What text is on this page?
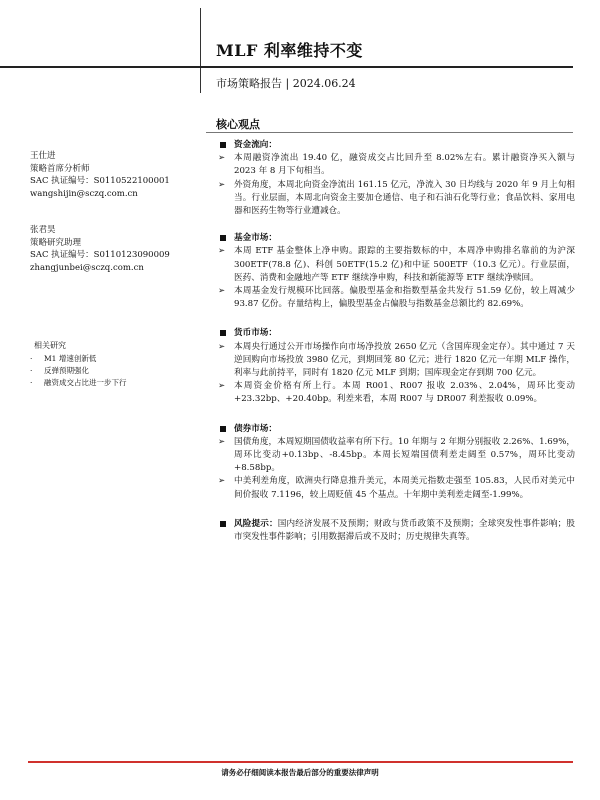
MLF 利率维持不变
市场策略报告 | 2024.06.24
核心观点
王仕进
策略首席分析师
SAC 执证编号：S0110522100001
wangshijin@sczq.com.cn
张君昊
策略研究助理
SAC 执证编号：S0110123090009
zhangjunbei@sczq.com.cn
相关研究
· M1 增速创新低
· 反弹预期强化
· 融资成交占比进一步下行
资金流向：
➢ 本周融资净流出 19.40 亿，融资成交占比回升至 8.02%左右。累计融资净买入额与 2023 年 8 月下旬相当。

➢ 外资角度，本周北向资金净流出 161.15 亿元，净流入 30 日均线与 2020 年 9 月上旬相当。行业层面，本周北向资金主要加仓通信、电子和石油石化等行业；食品饮料、家用电器和医药生物等行业遭减仓。

基金市场：
➢ 本周 ETF 基金整体上净申购。跟踪的主要指数标的中，本周净申购排名靠前的为沪深 300ETF(78.8 亿)、科创 50ETF(15.2 亿)和中证 500ETF（10.3 亿元）。行业层面，医药、消费和金融地产等 ETF 继续净申购，科技和新能源等 ETF 继续净赎回。

➢ 本周基金发行规模环比回落。偏股型基金和指数型基金共发行 51.59 亿份，较上周减少 93.87 亿份。存量结构上，偏股型基金占偏股与指数基金总额比约 82.69%。

货币市场：
➢ 本周央行通过公开市场操作向市场净投放 2650 亿元（含国库现金定存）。其中通过 7 天逆回购向市场投放 3980 亿元，到期回笼 80 亿元；进行 1820 亿元一年期 MLF 操作，利率与此前持平，同时有 1820 亿元 MLF 到期；国库现金定存到期 700 亿元。

➢ 本周资金价格有所上行。本周 R001、R007 报收 2.03%、2.04%，周环比变动+23.32bp、+20.40bp。利差来看，本周 R007 与 DR007 利差报收 0.09%。

债券市场：
➢ 国债角度，本周短期国债收益率有所下行。10 年期与 2 年期分别报收 2.26%、1.69%，周环比变动+0.13bp、-8.45bp。本周长短端国债利差走阔至 0.57%，周环比变动+8.58bp。

➢ 中美利差角度，欧洲央行降息推升美元，本周美元指数走强至 105.83，人民币对美元中间价报收 7.1196，较上周贬值 45 个基点。十年期中美利差走阔至-1.99%。

风险提示：国内经济发展不及预期；财政与货币政策不及预期；全球突发性事件影响；股市突发性事件影响；引用数据滞后或不及时；历史规律失真等。
请务必仔细阅读本报告最后部分的重要法律声明
